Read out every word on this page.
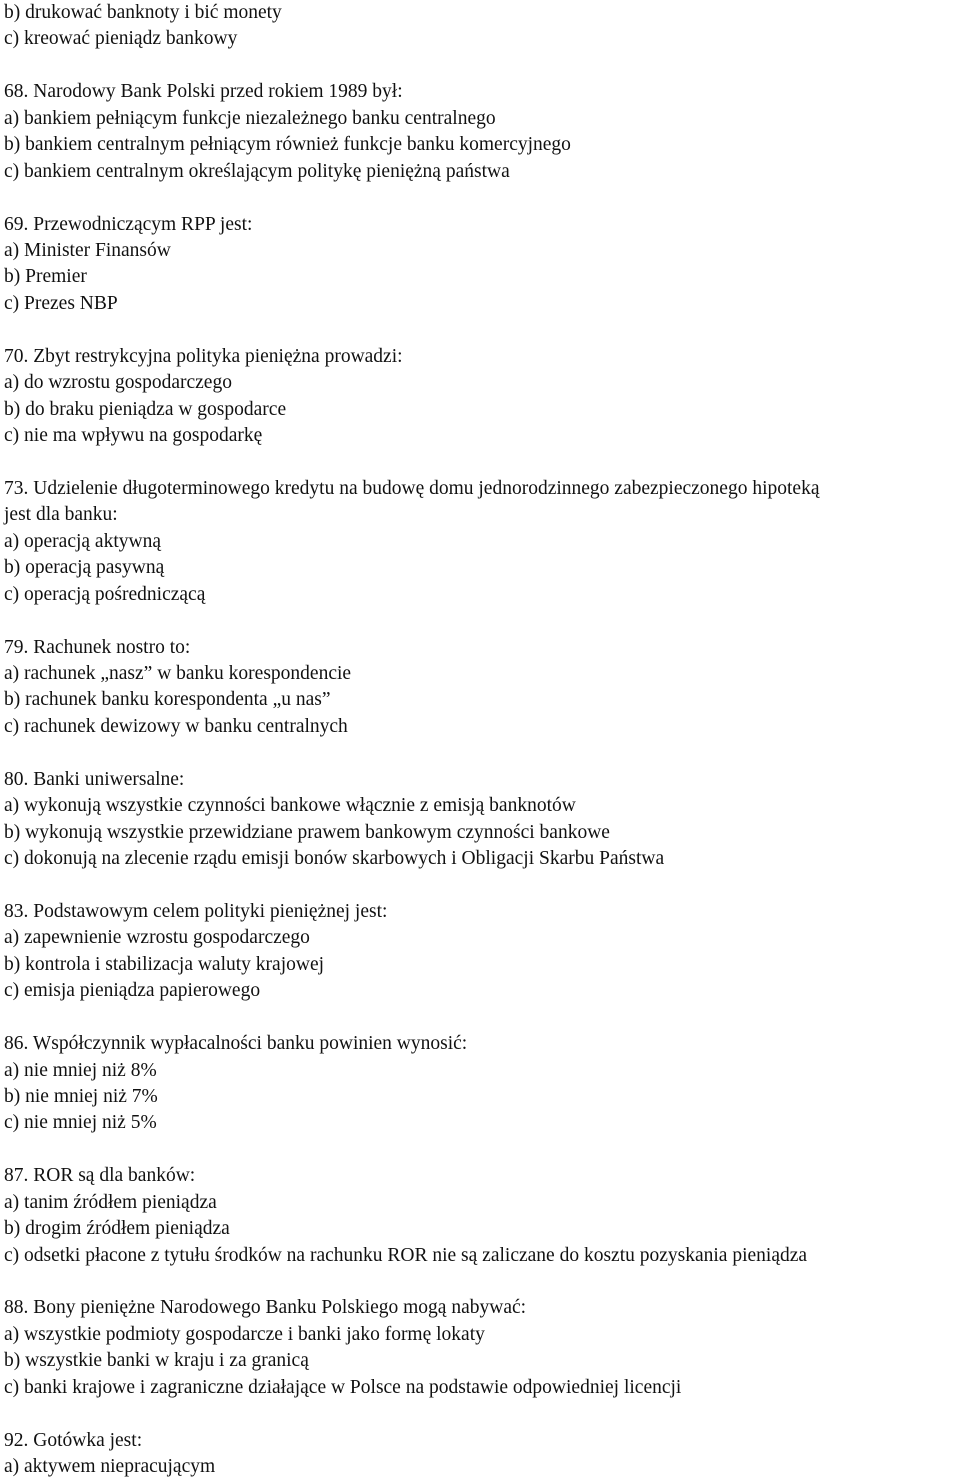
b) drukować banknoty i bić monety
c) kreować pieniądz bankowy
68. Narodowy Bank Polski przed rokiem 1989 był:
a) bankiem pełniącym funkcje niezależnego banku centralnego
b) bankiem centralnym pełniącym również funkcje banku komercyjnego
c) bankiem centralnym określającym politykę pieniężną państwa
69. Przewodniczącym RPP jest:
a) Minister Finansów
b) Premier
c) Prezes NBP
70. Zbyt restrykcyjna polityka pieniężna prowadzi:
a) do wzrostu gospodarczego
b) do braku pieniądza w gospodarce
c) nie ma wpływu na gospodarkę
73. Udzielenie długoterminowego kredytu na budowę domu jednorodzinnego zabezpieczonego hipoteką
jest dla banku:
a) operacją aktywną
b) operacją pasywną
c) operacją pośredniczącą
79. Rachunek nostro to:
a) rachunek „nasz” w banku korespondencie
b) rachunek banku korespondenta „u nas”
c) rachunek dewizowy w banku centralnych
80. Banki uniwersalne:
a) wykonują wszystkie czynności bankowe włącznie z emisją banknotów
b) wykonują wszystkie przewidziane prawem bankowym czynności bankowe
c) dokonują na zlecenie rządu emisji bonów skarbowych i Obligacji Skarbu Państwa
83. Podstawowym celem polityki pieniężnej jest:
a) zapewnienie wzrostu gospodarczego
b) kontrola i stabilizacja waluty krajowej
c) emisja pieniądza papierowego
86. Współczynnik wypłacalności banku powinien wynosić:
a) nie mniej niż 8%
b) nie mniej niż 7%
c) nie mniej niż 5%
87. ROR są dla banków:
a) tanim źródłem pieniądza
b) drogim źródłem pieniądza
c) odsetki płacone z tytułu środków na rachunku ROR nie są zaliczane do kosztu pozyskania pieniądza
88. Bony pieniężne Narodowego Banku Polskiego mogą nabywać:
a) wszystkie podmioty gospodarcze i banki jako formę lokaty
b) wszystkie banki w kraju i za granicą
c) banki krajowe i zagraniczne działające w Polsce na podstawie odpowiedniej licencji
92. Gotówka jest:
a) aktywem niepracującym
